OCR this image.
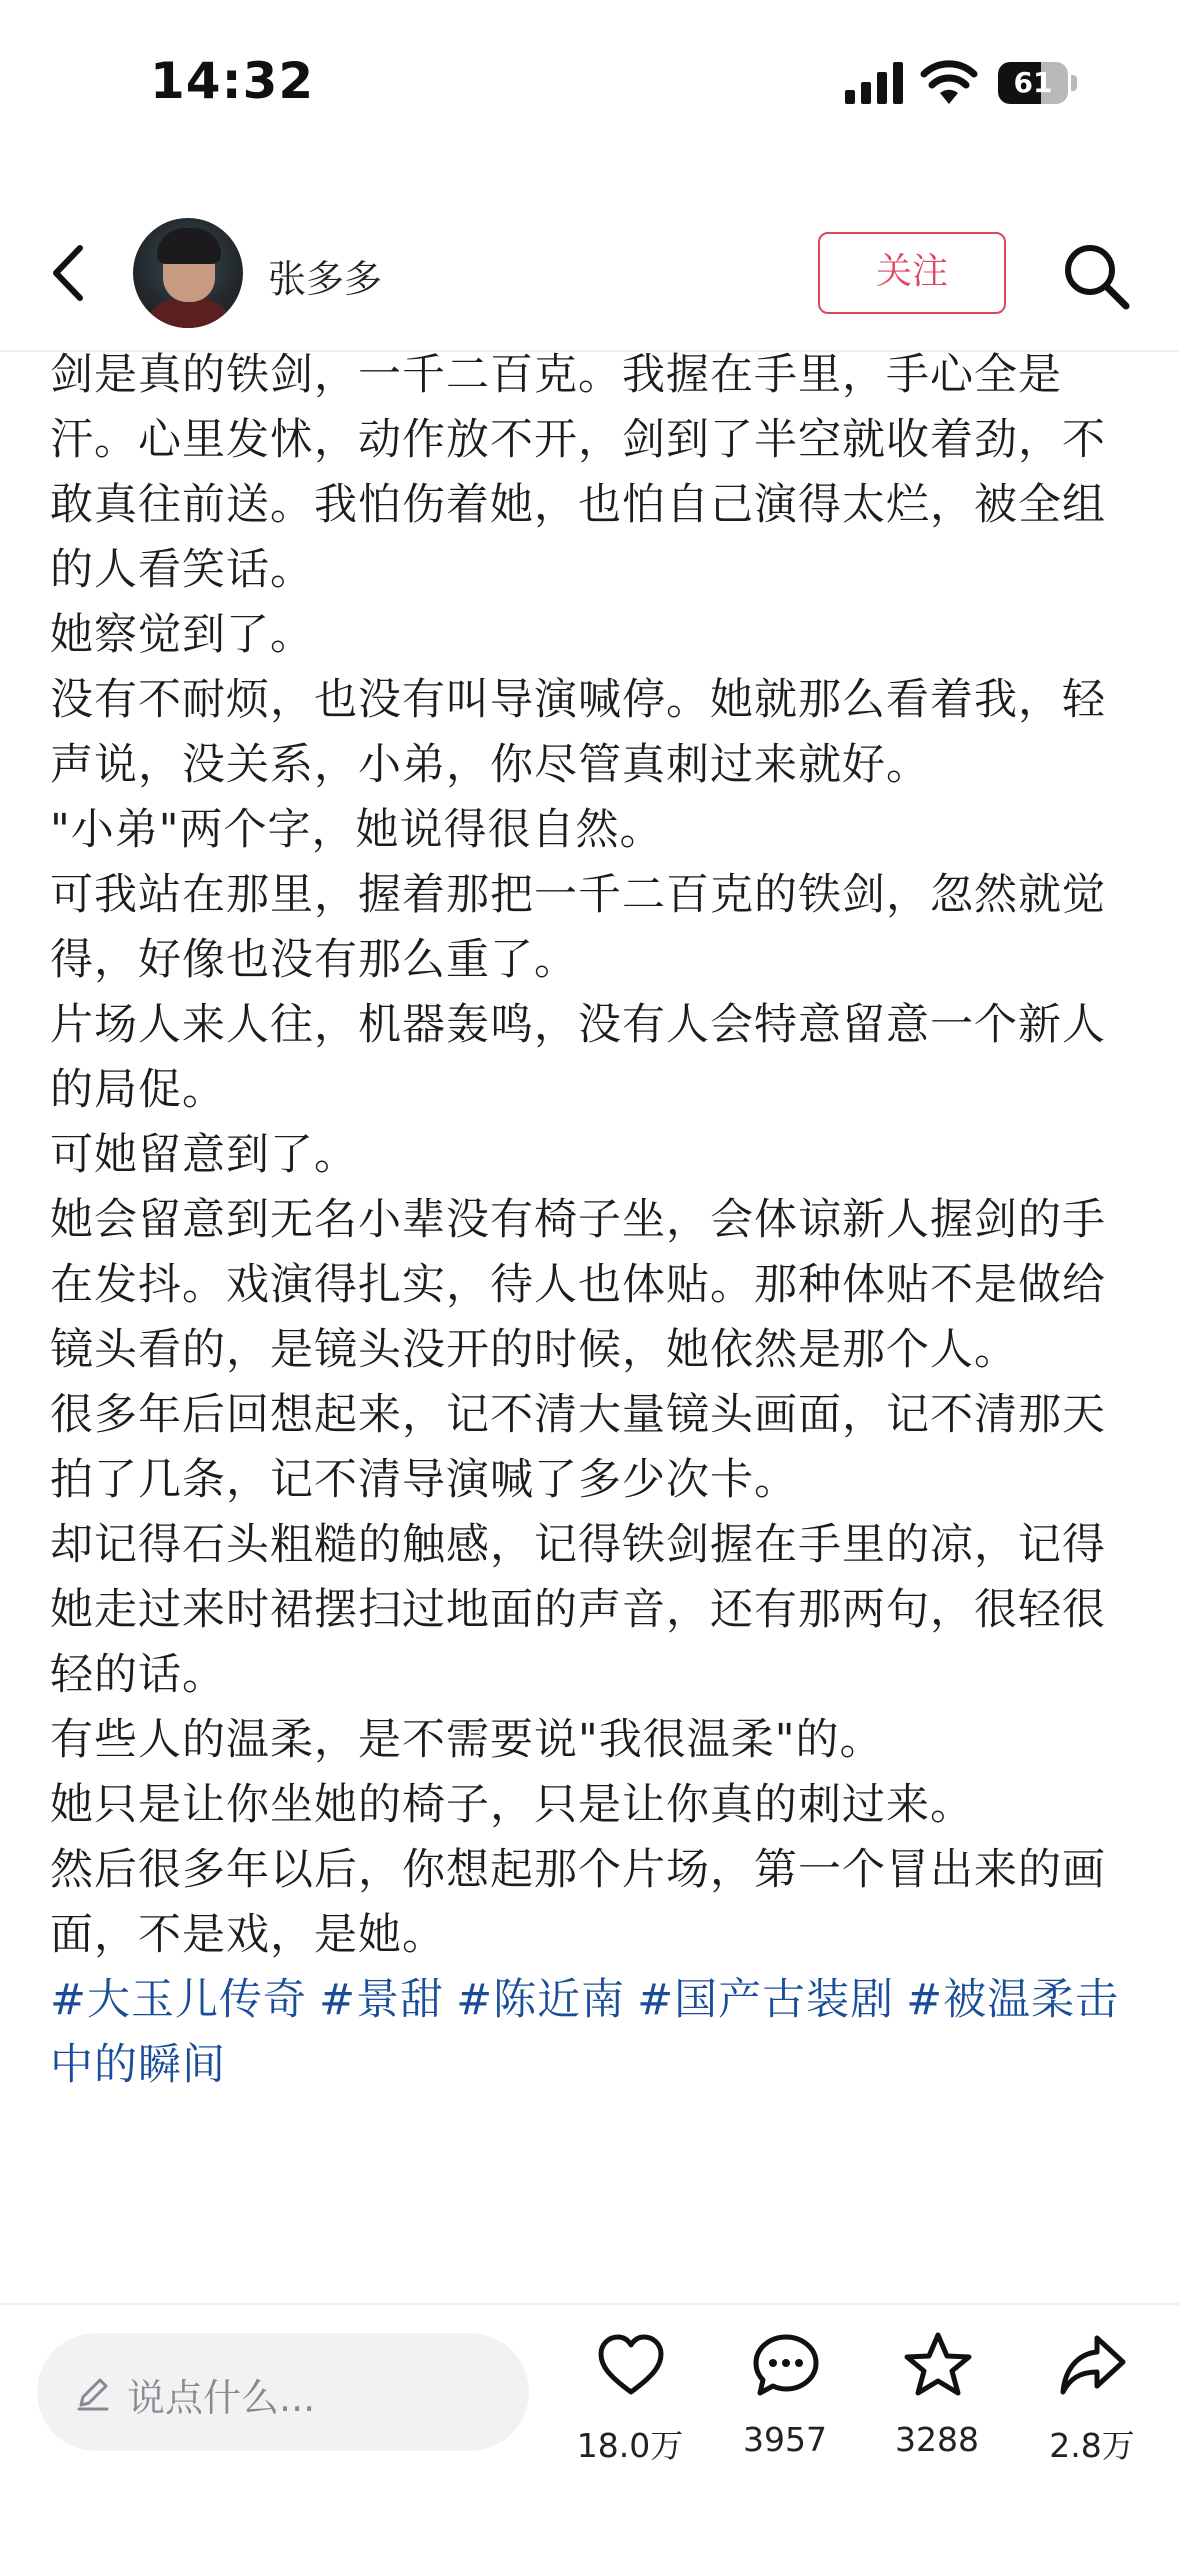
14:32	61
张多多	关注

剑是真的铁剑，一千二百克。我握在手里，手心全是汗。心里发怵，动作放不开，剑到了半空就收着劲，不敢真往前送。我怕伤着她，也怕自己演得太烂，被全组的人看笑话。

她察觉到了。

没有不耐烦，也没有叫导演喊停。她就那么看着我，轻声说，没关系，小弟，你尽管真刺过来就好。

"小弟"两个字，她说得很自然。

可我站在那里，握着那把一千二百克的铁剑，忽然就觉得，好像也没有那么重了。

片场人来人往，机器轰鸣，没有人会特意留意一个新人的局促。

可她留意到了。

她会留意到无名小辈没有椅子坐，会体谅新人握剑的手在发抖。戏演得扎实，待人也体贴。那种体贴不是做给镜头看的，是镜头没开的时候，她依然是那个人。

很多年后回想起来，记不清大量镜头画面，记不清那天拍了几条，记不清导演喊了多少次卡。

却记得石头粗糙的触感，记得铁剑握在手里的凉，记得她走过来时裙摆扫过地面的声音，还有那两句，很轻很轻的话。

有些人的温柔，是不需要说"我很温柔"的。

她只是让你坐她的椅子，只是让你真的刺过来。

然后很多年以后，你想起那个片场，第一个冒出来的画面，不是戏，是她。

#大玉儿传奇 #景甜 #陈近南 #国产古装剧 #被温柔击中的瞬间
说点什么...
18.0万	3957	3288	2.8万
